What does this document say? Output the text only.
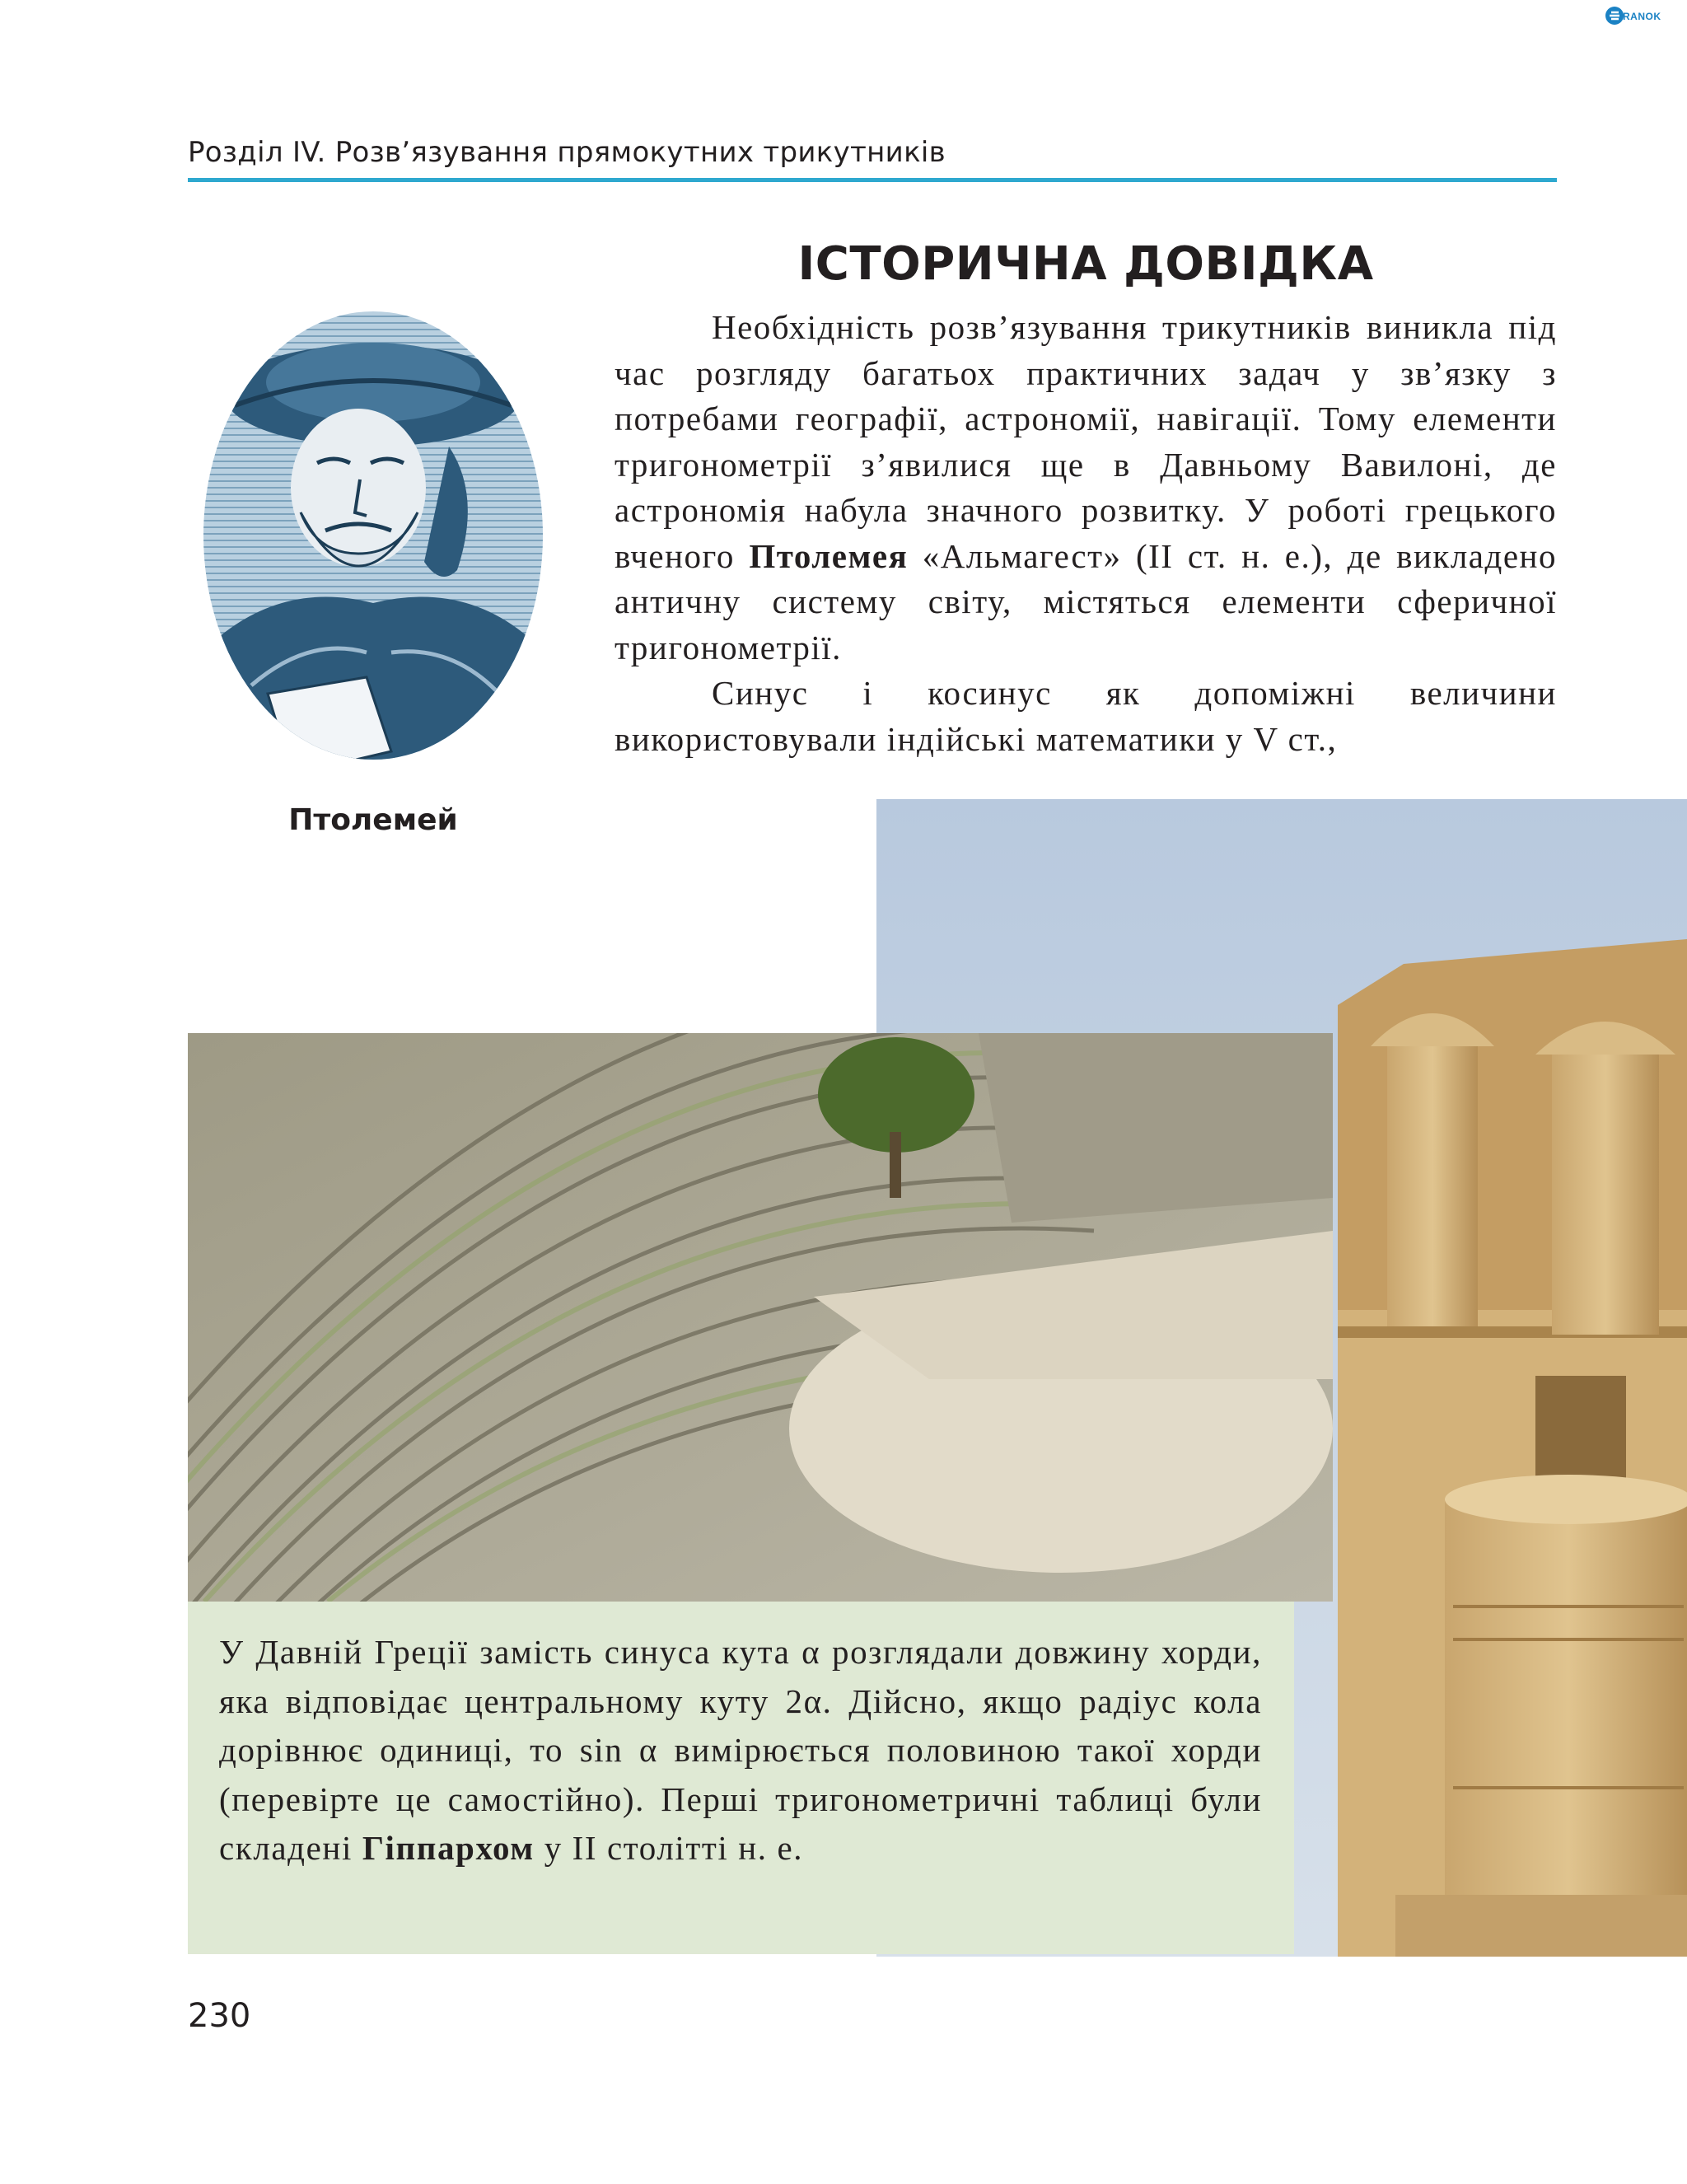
RANOK
Розділ IV. Розв’язування прямокутних трикутників
ІСТОРИЧНА ДОВІДКА
Птолемей

Необхідність розв’язування трикутників виникла під час розгляду багатьох практичних задач у зв’язку з потребами географії, астрономії, навігації. Тому елементи тригонометрії з’явилися ще в Давньому Вавилоні, де астрономія набула значного розвитку. У роботі грецького вченого Птолемея «Альмагест» (II ст. н. е.), де викладено античну систему світу, містяться елементи сферичної тригонометрії.

Синус і косинус як допоміжні величини використовували індійські математики у V ст.,

У Давній Греції замість синуса кута α розглядали довжину хорди, яка відповідає центральному куту 2α. Дійсно, якщо радіус кола дорівнює одиниці, то sin α вимірюється половиною такої хорди (перевірте це самостійно). Перші тригонометричні таблиці були складені Гіппархом у II столітті н. е.

230
